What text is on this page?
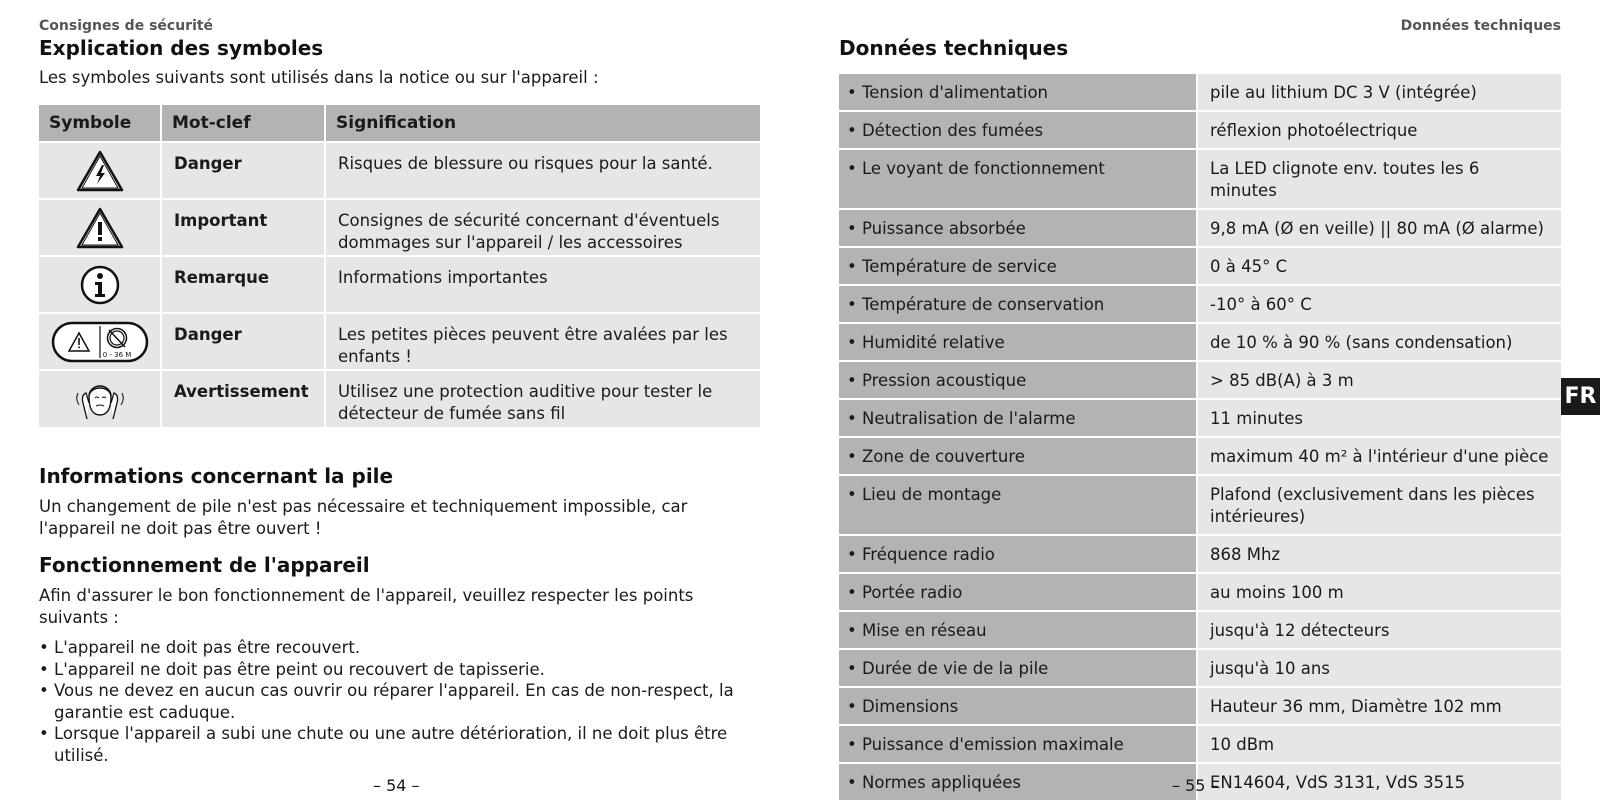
Consignes de sécurité
Explication des symboles

Les symboles suivants sont utilisés dans la notice ou sur l'appareil :

Symbole	Mot-clef	Signification

	Danger	Risques de blessure ou risques pour la santé.

	Important	Consignes de sécurité concernant d'éventuels dommages sur l'appareil / les accessoires

	Remarque	Informations importantes

0 - 36 M	Danger	Les petites pièces peuvent être avalées par les enfants !

	Avertissement	Utilisez une protection auditive pour tester le détecteur de fumée sans fil
Informations concernant la pile

Un changement de pile n'est pas nécessaire et techniquement impossible, car l'appareil ne doit pas être ouvert !

Fonctionnement de l'appareil

Afin d'assurer le bon fonctionnement de l'appareil, veuillez respecter les points suivants :

• L'appareil ne doit pas être recouvert.
• L'appareil ne doit pas être peint ou recouvert de tapisserie.
• Vous ne devez en aucun cas ouvrir ou réparer l'appareil. En cas de non-respect, la garantie est caduque.
• Lorsque l'appareil a subi une chute ou une autre détérioration, il ne doit plus être utilisé.
– 54 –
Données techniques
Données techniques
• Tension d'alimentation	pile au lithium DC 3 V (intégrée)
• Détection des fumées	réflexion photoélectrique
• Le voyant de fonctionnement	La LED clignote env. toutes les 6 minutes
• Puissance absorbée	9,8 mA (Ø en veille) || 80 mA (Ø alarme)
• Température de service	0 à 45° C
• Température de conservation	-10° à 60° C
• Humidité relative	de 10 % à 90 % (sans condensation)
• Pression acoustique	> 85 dB(A) à 3 m
• Neutralisation de l'alarme	11 minutes
• Zone de couverture	maximum 40 m² à l'intérieur d'une pièce
• Lieu de montage	Plafond (exclusivement dans les pièces intérieures)
• Fréquence radio	868 Mhz
• Portée radio	au moins 100 m
• Mise en réseau	jusqu'à 12 détecteurs
• Durée de vie de la pile	jusqu'à 10 ans
• Dimensions	Hauteur 36 mm, Diamètre 102 mm
• Puissance d'emission maximale	10 dBm
• Normes appliquées	EN14604, VdS 3131, VdS 3515
– 55 –
FR
